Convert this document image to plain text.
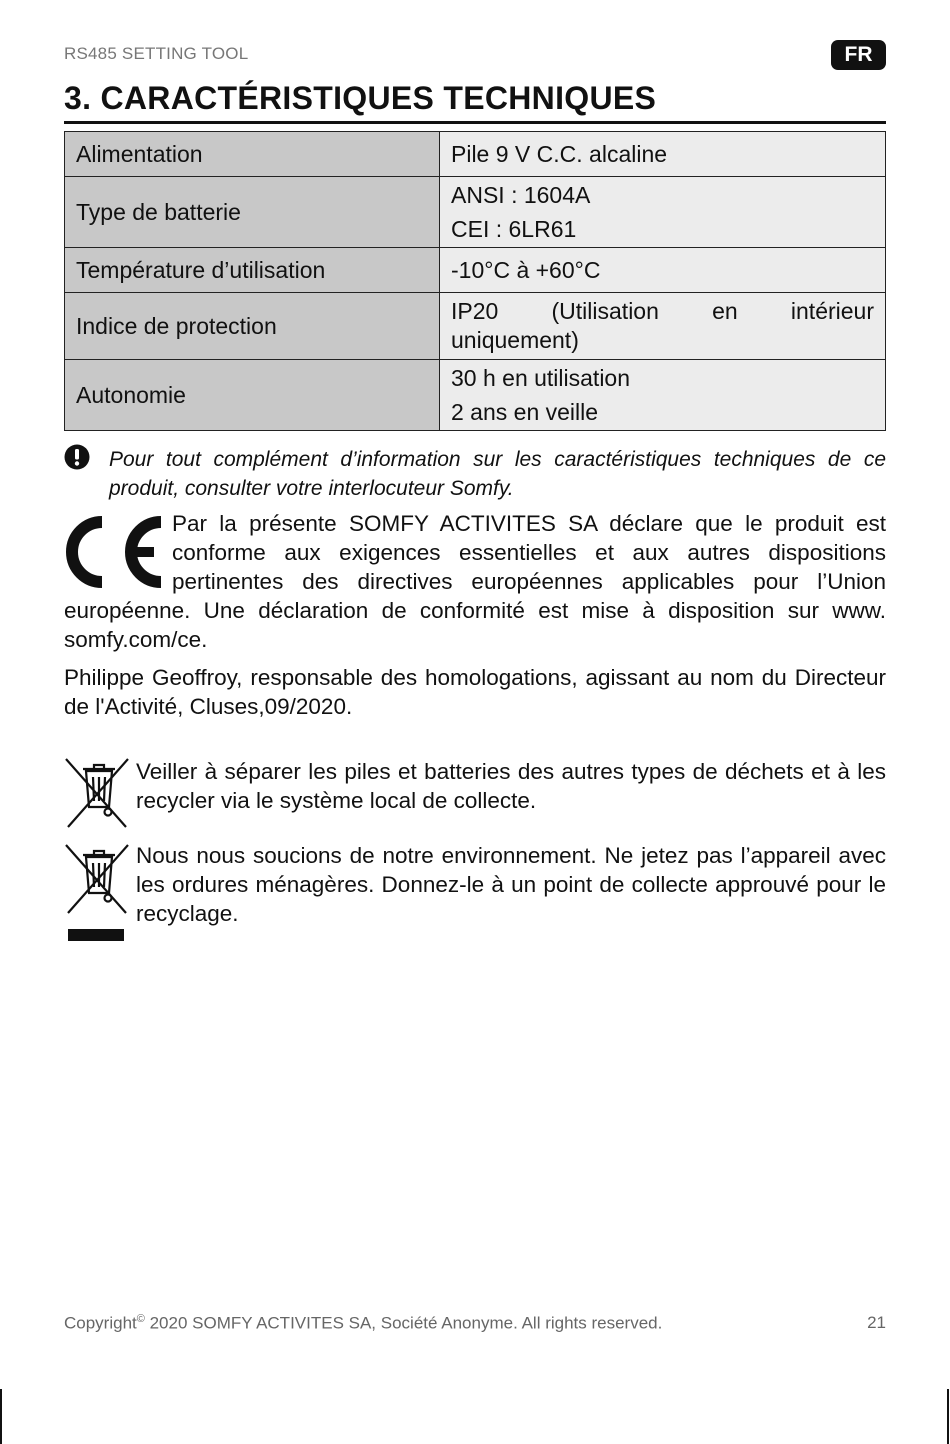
RS485 SETTING TOOL	FR
3. CARACTÉRISTIQUES TECHNIQUES
Alimentation	Pile 9 V C.C. alcaline

Type de batterie	ANSI : 1604A
CEI : 6LR61

Température d’utilisation	-10°C à +60°C

Indice de protection	IP20 (Utilisation en intérieur
uniquement)

Autonomie	30 h en utilisation
2 ans en veille

Pour tout complément d’information sur les caractéristiques techniques de ce produit, consulter votre interlocuteur Somfy.

Par la présente SOMFY ACTIVITES SA déclare que le produit est conforme aux exigences essentielles et aux autres dispositions pertinentes des directives européennes applicables pour l’Union européenne. Une déclaration de conformité est mise à disposition sur www. somfy.com/ce.

Philippe Geoffroy, responsable des homologations, agissant au nom du Directeur de l'Activité, Cluses,09/2020.

Veiller à séparer les piles et batteries des autres types de déchets et à les recycler via le système local de collecte.

Nous nous soucions de notre environnement. Ne jetez pas l’appareil avec les ordures ménagères. Donnez-le à un point de collecte approuvé pour le recyclage.

Copyright© 2020 SOMFY ACTIVITES SA, Société Anonyme. All rights reserved.	21
